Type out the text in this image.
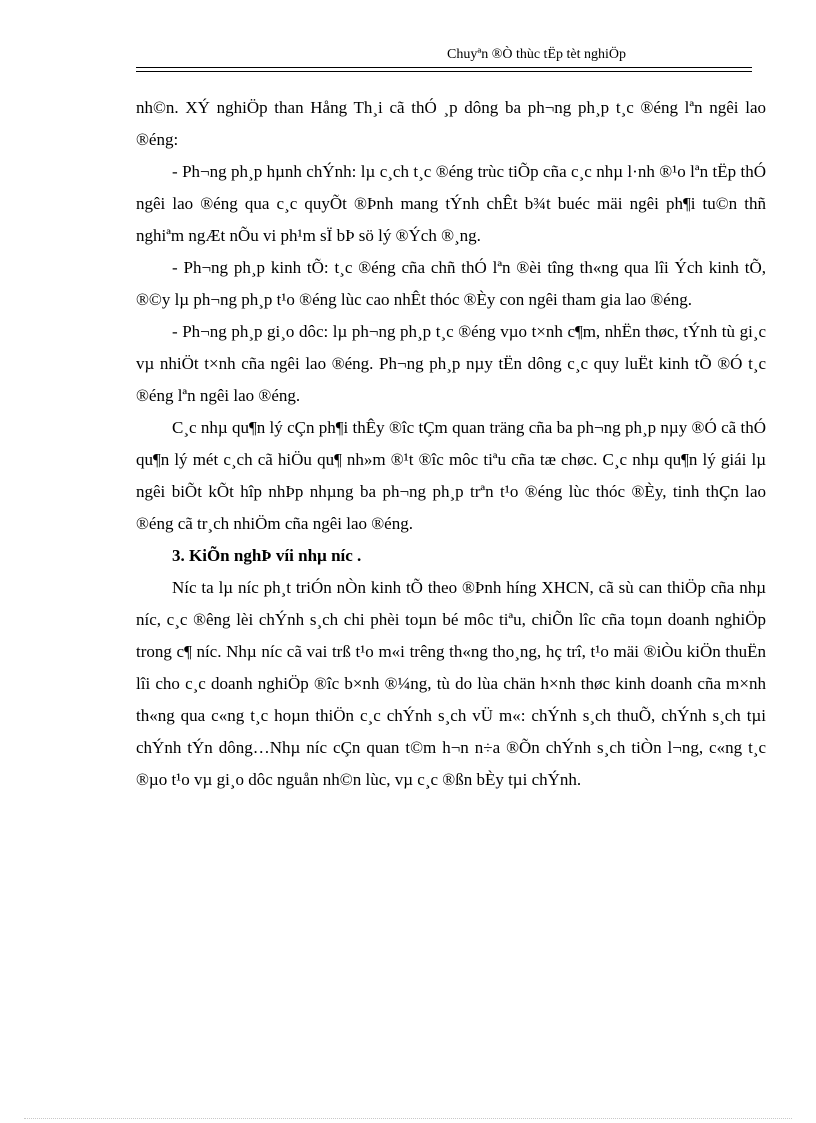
Chuyªn ®Ò thùc tËp tèt nghiÖp

nh©n. XÝ nghiÖp than Hång Th¸i cã thÓ ¸p dông ba ph¬ng ph¸p t¸c ®éng lªn ngêi lao ®éng:

- Ph¬ng ph¸p hµnh chÝnh: lµ c¸ch t¸c ®éng trùc tiÕp cña c¸c nhµ l·nh ®¹o lªn tËp thÓ ngêi lao ®éng qua c¸c quyÕt ®Þnh mang tÝnh chÊt b¾t buéc mäi ngêi ph¶i tu©n thñ nghiªm ngÆt nÕu vi ph¹m sÏ bÞ sö lý ®Ých ®¸ng.

- Ph¬ng ph¸p kinh tÕ: t¸c ®éng cña chñ thÓ lªn ®èi tîng th«ng qua lîi Ých kinh tÕ, ®©y lµ ph¬ng ph¸p t¹o ®éng lùc cao nhÊt thóc ®Èy con ngêi tham gia lao ®éng.

- Ph¬ng ph¸p gi¸o dôc: lµ ph¬ng ph¸p t¸c ®éng vµo t×nh c¶m, nhËn thøc, tÝnh tù gi¸c vµ nhiÖt t×nh cña ngêi lao ®éng. Ph¬ng ph¸p nµy tËn dông c¸c quy luËt kinh tÕ ®Ó t¸c ®éng lªn ngêi lao ®éng.

C¸c nhµ qu¶n lý cÇn ph¶i thÊy ®îc tÇm quan träng cña ba ph¬ng ph¸p nµy ®Ó cã thÓ qu¶n lý mét c¸ch cã hiÖu qu¶ nh»m ®¹t ®îc môc tiªu cña tæ chøc. C¸c nhµ qu¶n lý giái lµ ngêi biÕt kÕt hîp nhÞp nhµng ba ph¬ng ph¸p trªn t¹o ®éng lùc thóc ®Èy, tinh thÇn lao ®éng cã tr¸ch nhiÖm cña ngêi lao ®éng.

3. KiÕn nghÞ víi nhµ níc .

Níc ta lµ níc ph¸t triÓn nÒn kinh tÕ theo ®Þnh híng XHCN, cã sù can thiÖp cña nhµ níc, c¸c ®êng lèi chÝnh s¸ch chi phèi toµn bé môc tiªu, chiÕn lîc cña toµn doanh nghiÖp trong c¶ níc. Nhµ níc cã vai trß t¹o m«i trêng th«ng tho¸ng, hç trî, t¹o mäi ®iÒu kiÖn thuËn lîi cho c¸c doanh nghiÖp ®îc b×nh ®¼ng, tù do lùa chän h×nh thøc kinh doanh cña m×nh th«ng qua c«ng t¸c hoµn thiÖn c¸c chÝnh s¸ch vÜ m«: chÝnh s¸ch thuÕ, chÝnh s¸ch tµi chÝnh tÝn dông…Nhµ níc cÇn quan t©m h¬n n÷a ®Õn chÝnh s¸ch tiÒn l¬ng, c«ng t¸c ®µo t¹o vµ gi¸o dôc nguån nh©n lùc, vµ c¸c ®ßn bÈy tµi chÝnh.
